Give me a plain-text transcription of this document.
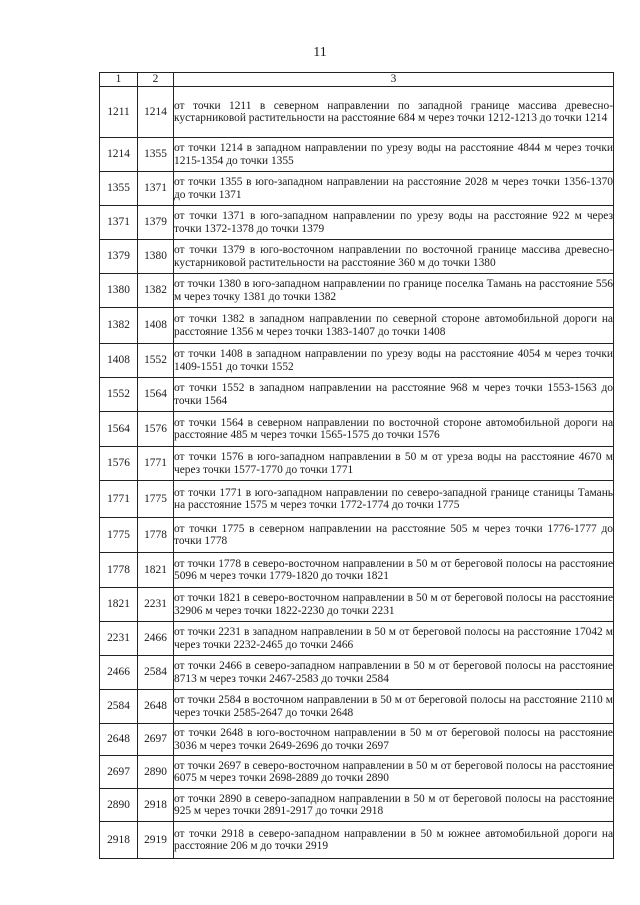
11
1	2	3
1211	1214	от точки 1211 в северном направлении по западной границе массива древесно-кустарниковой растительности на расстояние 684 м через точки 1212-1213 до точки 1214
1214	1355	от точки 1214 в западном направлении по урезу воды на расстояние 4844 м через точки 1215-1354 до точки 1355
1355	1371	от точки 1355 в юго-западном направлении на расстояние 2028 м через точки 1356-1370 до точки 1371
1371	1379	от точки 1371 в юго-западном направлении по урезу воды на расстояние 922 м через точки 1372-1378 до точки 1379
1379	1380	от точки 1379 в юго-восточном направлении по восточной границе массива древесно-кустарниковой растительности на расстояние 360 м до точки 1380
1380	1382	от точки 1380 в юго-западном направлении по границе поселка Тамань на расстояние 556 м через точку 1381 до точки 1382
1382	1408	от точки 1382 в западном направлении по северной стороне автомобильной дороги на расстояние 1356 м через точки 1383-1407 до точки 1408
1408	1552	от точки 1408 в западном направлении по урезу воды на расстояние 4054 м через точки 1409-1551 до точки 1552
1552	1564	от точки 1552 в западном направлении на расстояние 968 м через точки 1553-1563 до точки 1564
1564	1576	от точки 1564 в северном направлении по восточной стороне автомобильной дороги на расстояние 485 м через точки 1565-1575 до точки 1576
1576	1771	от точки 1576 в юго-западном направлении в 50 м от уреза воды на расстояние 4670 м через точки 1577-1770 до точки 1771
1771	1775	от точки 1771 в юго-западном направлении по северо-западной границе станицы Тамань на расстояние 1575 м через точки 1772-1774 до точки 1775
1775	1778	от точки 1775 в северном направлении на расстояние 505 м через точки 1776-1777 до точки 1778
1778	1821	от точки 1778 в северо-восточном направлении в 50 м от береговой полосы на расстояние 5096 м через точки 1779-1820 до точки 1821
1821	2231	от точки 1821 в северо-восточном направлении в 50 м от береговой полосы на расстояние 32906 м через точки 1822-2230 до точки 2231
2231	2466	от точки 2231 в западном направлении в 50 м от береговой полосы на расстояние 17042 м через точки 2232-2465 до точки 2466
2466	2584	от точки 2466 в северо-западном направлении в 50 м от береговой полосы на расстояние 8713 м через точки 2467-2583 до точки 2584
2584	2648	от точки 2584 в восточном направлении в 50 м от береговой полосы на расстояние 2110 м через точки 2585-2647 до точки 2648
2648	2697	от точки 2648 в юго-восточном направлении в 50 м от береговой полосы на расстояние 3036 м через точки 2649-2696 до точки 2697
2697	2890	от точки 2697 в северо-восточном направлении в 50 м от береговой полосы на расстояние 6075 м через точки 2698-2889 до точки 2890
2890	2918	от точки 2890 в северо-западном направлении в 50 м от береговой полосы на расстояние 925 м через точки 2891-2917 до точки 2918
2918	2919	от точки 2918 в северо-западном направлении в 50 м южнее автомобильной дороги на расстояние 206 м до точки 2919
